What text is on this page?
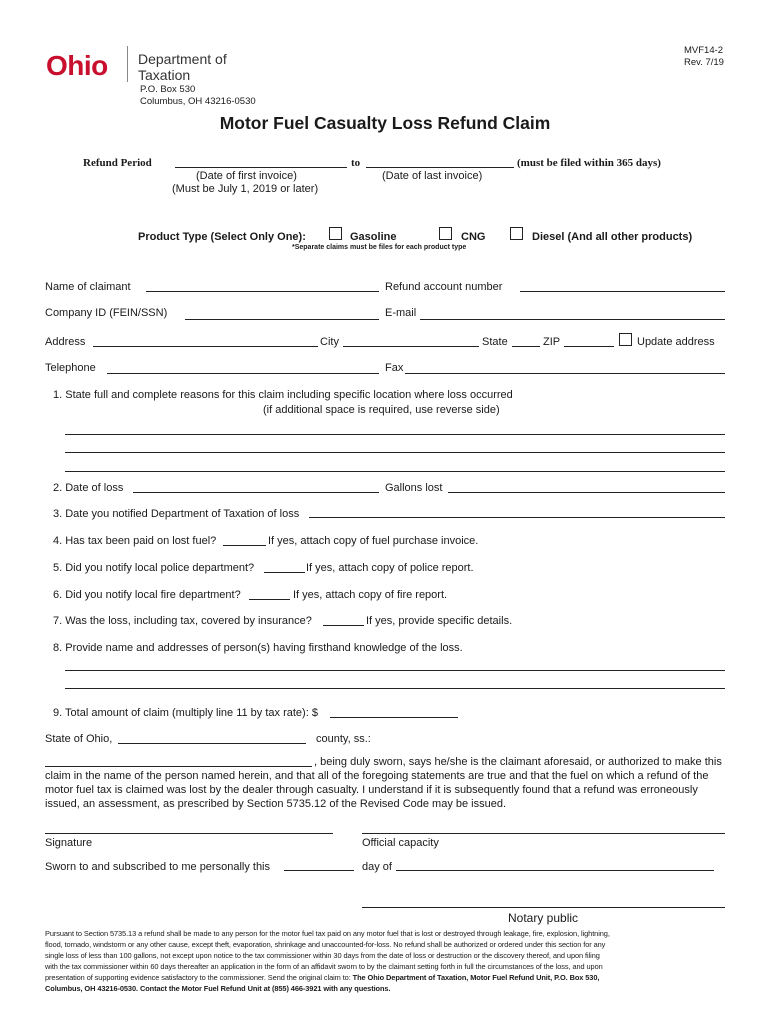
Ohio Department of
Taxation
P.O. Box 530
Columbus, OH 43216-0530
MVF14-2
Rev. 7/19
Motor Fuel Casualty Loss Refund Claim
Refund Period	to	(must be filed within 365 days)
(Date of first invoice)
(Must be July 1, 2019 or later)
(Date of last invoice)
Product Type (Select Only One):	Gasoline	CNG	Diesel (And all other products)
*Separate claims must be files for each product type
Name of claimant	Refund account number
Company ID (FEIN/SSN)	E-mail
Address	City	State	ZIP	Update address
Telephone	Fax
1. State full and complete reasons for this claim including specific location where loss occurred
(if additional space is required, use reverse side)
2. Date of loss	Gallons lost
3. Date you notified Department of Taxation of loss
4. Has tax been paid on lost fuel?	If yes, attach copy of fuel purchase invoice.
5. Did you notify local police department?	If yes, attach copy of police report.
6. Did you notify local fire department?	If yes, attach copy of fire report.
7. Was the loss, including tax, covered by insurance?	If yes, provide specific details.
8. Provide name and addresses of person(s) having firsthand knowledge of the loss.
9. Total amount of claim (multiply line 11 by tax rate): $
State of Ohio,	county, ss.:
, being duly sworn, says he/she is the claimant aforesaid, or authorized to make this
claim in the name of the person named herein, and that all of the foregoing statements are true and that the fuel on which a refund of the
motor fuel tax is claimed was lost by the dealer through casualty. I understand if it is subsequently found that a refund was erroneously
issued, an assessment, as prescribed by Section 5735.12 of the Revised Code may be issued.
Signature	Official capacity
Sworn to and subscribed to me personally this	day of
Notary public
Pursuant to Section 5735.13 a refund shall be made to any person for the motor fuel tax paid on any motor fuel that is lost or destroyed through leakage, fire, explosion, lightning,
flood, tornado, windstorm or any other cause, except theft, evaporation, shrinkage and unaccounted-for-loss. No refund shall be authorized or ordered under this section for any
single loss of less than 100 gallons, not except upon notice to the tax commissioner within 30 days from the date of loss or destruction or the discovery thereof, and upon filing
with the tax commissioner within 60 days thereafter an application in the form of an affidavit sworn to by the claimant setting forth in full the circumstances of the loss, and upon
presentation of supporting evidence satisfactory to the commissioner. Send the original claim to: The Ohio Department of Taxation, Motor Fuel Refund Unit, P.O. Box 530,
Columbus, OH 43216-0530. Contact the Motor Fuel Refund Unit at (855) 466-3921 with any questions.
